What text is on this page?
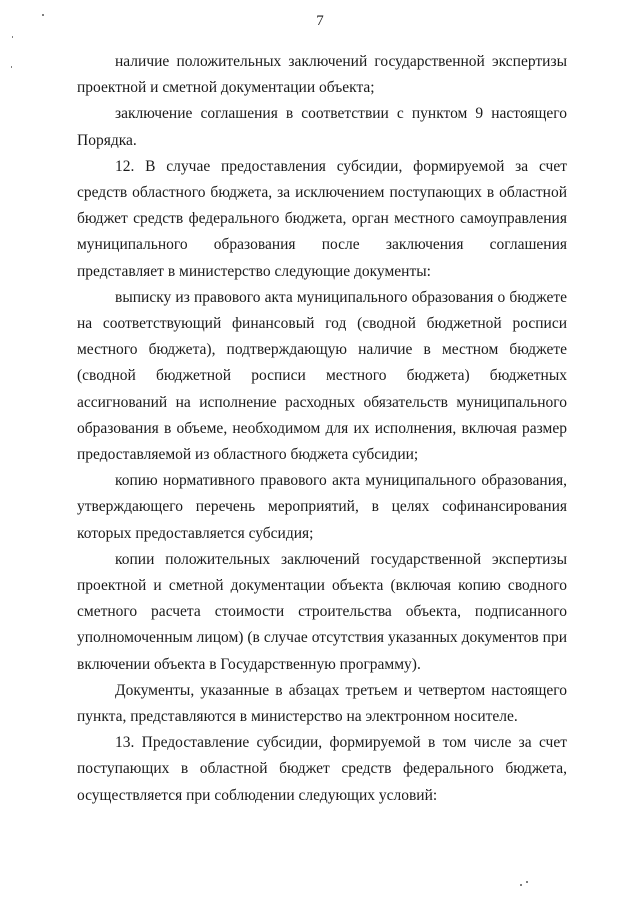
7

наличие положительных заключений государственной экспертизы проектной и сметной документации объекта;

заключение соглашения в соответствии с пунктом 9 настоящего Порядка.

12. В случае предоставления субсидии, формируемой за счет средств областного бюджета, за исключением поступающих в областной бюджет средств федерального бюджета, орган местного самоуправления муниципального образования после заключения соглашения представляет в министерство следующие документы:

выписку из правового акта муниципального образования о бюджете на соответствующий финансовый год (сводной бюджетной росписи местного бюджета), подтверждающую наличие в местном бюджете (сводной бюджетной росписи местного бюджета) бюджетных ассигнований на исполнение расходных обязательств муниципального образования в объеме, необходимом для их исполнения, включая размер предоставляемой из областного бюджета субсидии;

копию нормативного правового акта муниципального образования, утверждающего перечень мероприятий, в целях софинансирования которых предоставляется субсидия;

копии положительных заключений государственной экспертизы проектной и сметной документации объекта (включая копию сводного сметного расчета стоимости строительства объекта, подписанного уполномоченным лицом) (в случае отсутствия указанных документов при включении объекта в Государственную программу).

Документы, указанные в абзацах третьем и четвертом настоящего пункта, представляются в министерство на электронном носителе.

13. Предоставление субсидии, формируемой в том числе за счет поступающих в областной бюджет средств федерального бюджета, осуществляется при соблюдении следующих условий:
